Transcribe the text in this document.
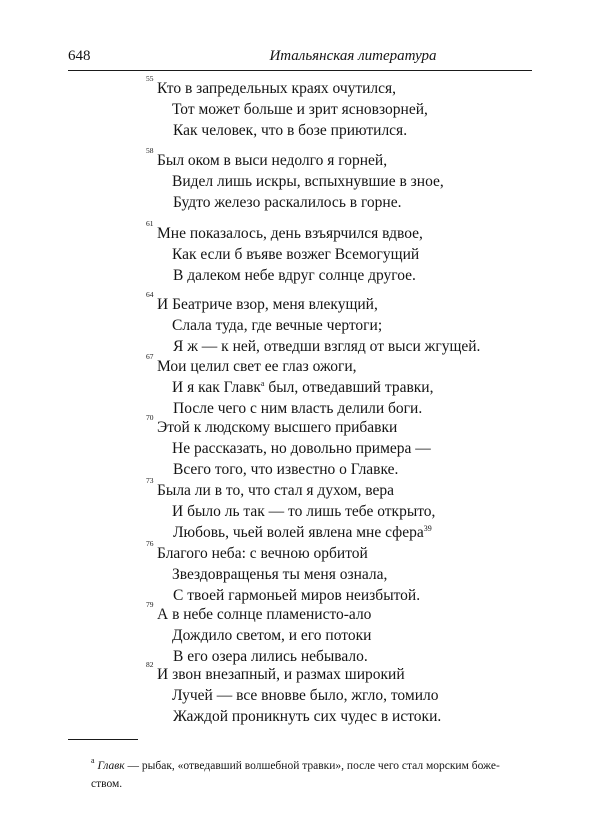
648	Итальянская литература
55
Кто в запредельных краях очутился,
Тот может больше и зрит ясновзорней,
Как человек, что в бозе приютился.
58
Был оком в выси недолго я горней,
Видел лишь искры, вспыхнувшие в зное,
Будто железо раскалилось в горне.
61
Мне показалось, день взъярчился вдвое,
Как если б въяве возжег Всемогущий
В далеком небе вдруг солнце другое.
64
И Беатриче взор, меня влекущий,
Слала туда, где вечные чертоги;
Я ж — к ней, отведши взгляд от выси жгущей.
67
Мои целил свет ее глаз ожоги,
И я как Главк$^а$ был, отведавший травки,
После чего с ним власть делили боги.
70
Этой к людскому высшего прибавки
Не рассказать, но довольно примера —
Всего того, что известно о Главке.
73
Была ли в то, что стал я духом, вера
И было ль так — то лишь тебе открыто,
Любовь, чьей волей явлена мне сфера$^{39}$
76
Благого неба: с вечною орбитой
Звездовращенья ты меня ознала,
С твоей гармоньей миров неизбытой.
79
А в небе солнце пламенисто-ало
Дождило светом, и его потоки
В его озера лились небывало.
82
И звон внезапный, и размах широкий
Лучей — все вновве было, жгло, томило
Жаждой проникнуть сих чудес в истоки.
$^а$ Главк — рыбак, «отведавший волшебной травки», после чего стал морским боже-
ством.
